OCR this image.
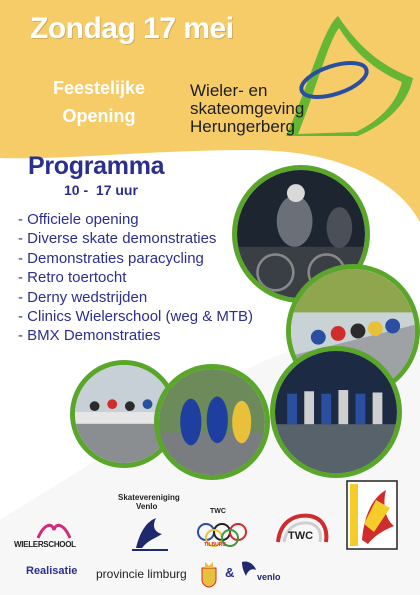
Zondag 17 mei
Feestelijke
Opening
Wieler- en
skateomgeving
Herungerberg
Programma
10 -  17 uur
- Officiele opening
- Diverse skate demonstraties
- Demonstraties paracycling
- Retro toertocht
- Derny wedstrijden
- Clinics Wielerschool (weg & MTB)
- BMX Demonstraties
WIELERSCHOOL
Skatevereniging
Venlo
TWC
TILBURG
TWC
Realisatie provincie limburg	&	venlo
